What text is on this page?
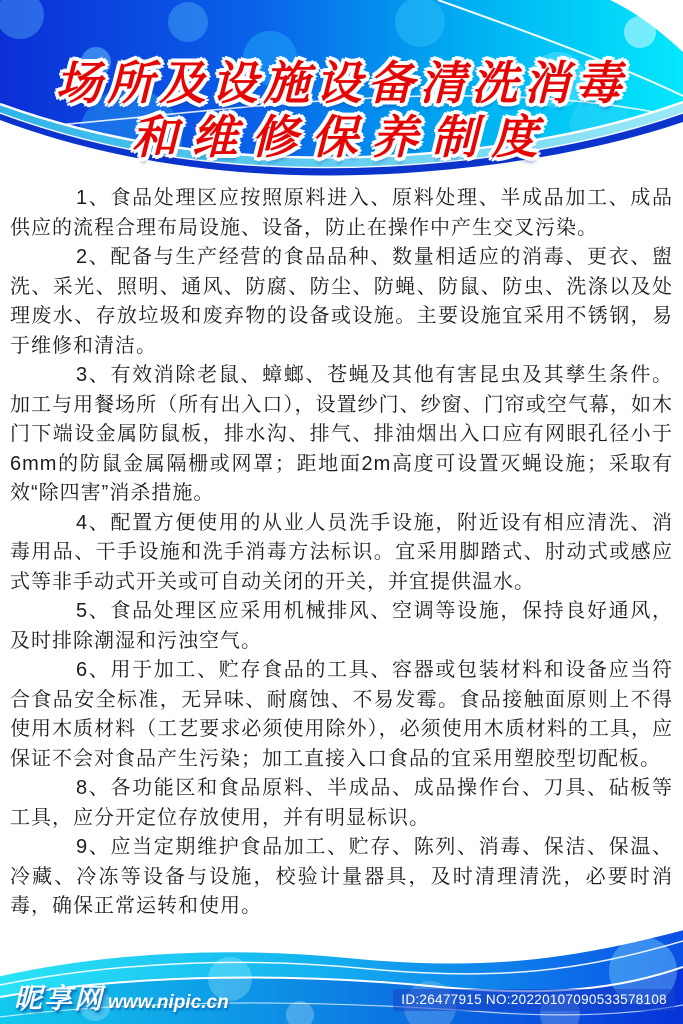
场所及设施设备清洗消毒
和维修保养制度

1、食品处理区应按照原料进入、原料处理、半成品加工、成品供应的流程合理布局设施、设备，防止在操作中产生交叉污染。

2、配备与生产经营的食品品种、数量相适应的消毒、更衣、盥洗、采光、照明、通风、防腐、防尘、防蝇、防鼠、防虫、洗涤以及处理废水、存放垃圾和废弃物的设备或设施。主要设施宜采用不锈钢，易于维修和清洁。

3、有效消除老鼠、蟑螂、苍蝇及其他有害昆虫及其孳生条件。加工与用餐场所（所有出入口），设置纱门、纱窗、门帘或空气幕，如木门下端设金属防鼠板，排水沟、排气、排油烟出入口应有网眼孔径小于6mm的防鼠金属隔栅或网罩；距地面2m高度可设置灭蝇设施；采取有效“除四害”消杀措施。

4、配置方便使用的从业人员洗手设施，附近设有相应清洗、消毒用品、干手设施和洗手消毒方法标识。宜采用脚踏式、肘动式或感应式等非手动式开关或可自动关闭的开关，并宜提供温水。

5、食品处理区应采用机械排风、空调等设施，保持良好通风，及时排除潮湿和污浊空气。

6、用于加工、贮存食品的工具、容器或包装材料和设备应当符合食品安全标准，无异味、耐腐蚀、不易发霉。食品接触面原则上不得使用木质材料（工艺要求必须使用除外），必须使用木质材料的工具，应保证不会对食品产生污染；加工直接入口食品的宜采用塑胶型切配板。

8、各功能区和食品原料、半成品、成品操作台、刀具、砧板等工具，应分开定位存放使用，并有明显标识。

9、应当定期维护食品加工、贮存、陈列、消毒、保洁、保温、冷藏、冷冻等设备与设施，校验计量器具，及时清理清洗，必要时消毒，确保正常运转和使用。

昵享网 www.nipic.cn	ID:26477915 NO:20220107090533578108
